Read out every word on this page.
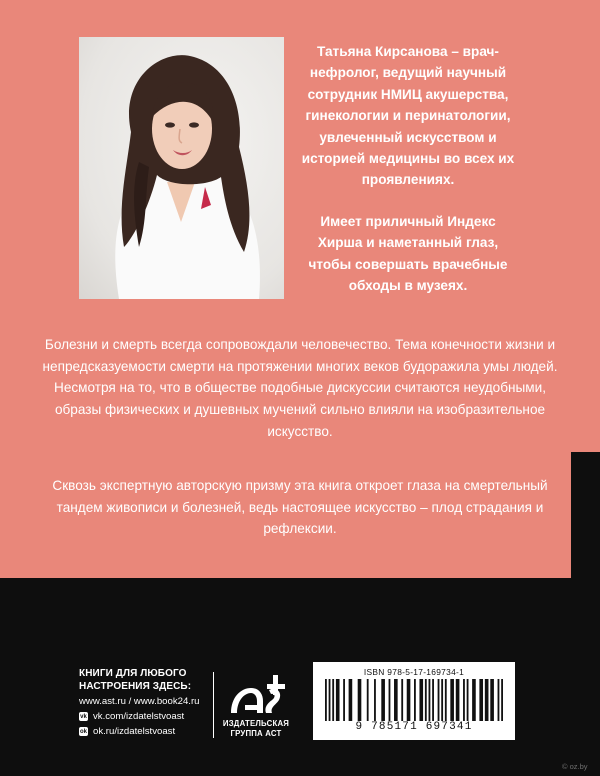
Татьяна Кирсанова – врач-нефролог, ведущий научный сотрудник НМИЦ акушерства, гинекологии и перинатологии, увлеченный искусством и историей медицины во всех их проявлениях.

Имеет приличный Индекс Хирша и наметанный глаз, чтобы совершать врачебные обходы в музеях.

Болезни и смерть всегда сопровождали человечество. Тема конечности жизни и непредсказуемости смерти на протяжении многих веков будоражила умы людей. Несмотря на то, что в обществе подобные дискуссии считаются неудобными, образы физических и душевных мучений сильно влияли на изобразительное искусство.

Сквозь экспертную авторскую призму эта книга откроет глаза на смертельный тандем живописи и болезней, ведь настоящее искусство – плод страдания и рефлексии.

КНИГИ ДЛЯ ЛЮБОГО
НАСТРОЕНИЯ ЗДЕСЬ:
www.ast.ru / www.book24.ru
vk vk.com/izdatelstvoast
ok ok.ru/izdatelstvoast
ИЗДАТЕЛЬСКАЯ
ГРУППА АСТ
ISBN 978-5-17-169734-1
9 785171 697341
© oz.by
